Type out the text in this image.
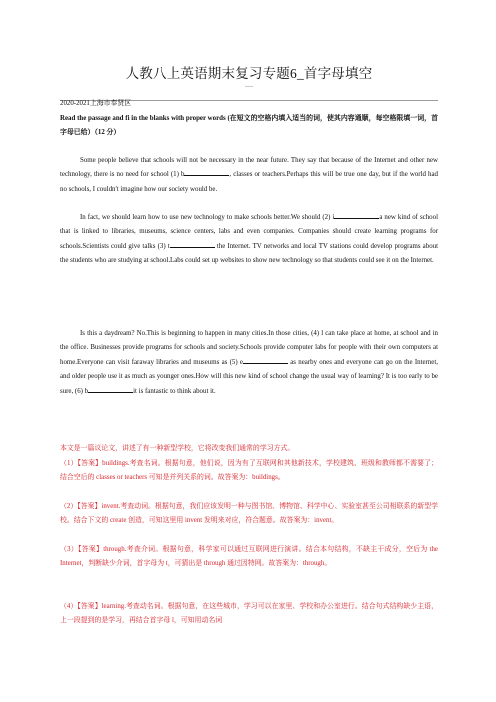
人教八上英语期末复习专题6_首字母填空
—

2020-2021上海市奉贤区

Read the passage and fi in the blanks with proper words (在短文的空格内填入适当的词，使其内容通顺，每空格限填一词，首字母已给）（12 分）

Some people believe that schools will not be necessary in the near future. They say that because of the Internet and other new technology, there is no need for school (1) b	, classes or teachers.Perhaps this will be true one day, but if the world had no schools, I couldn't imagine how our society would be.

In fact, we should learn how to use new technology to make schools better.We should (2) i	a new kind of school that is linked to libraries, museums, science centers, labs and even companies. Companies should create learning programs for schools.Scientists could give talks (3) t	the Internet. TV networks and local TV stations could develop programs about the students who are studying at school.Labs could set up websites to show new technology so that students could see it on the Internet.

Is this a daydream? No.This is beginning to happen in many cities.In those cities, (4) l can take place at home, at school and in the office. Businesses provide programs for schools and society.Schools provide computer labs for people with their own computers at home.Everyone can visit faraway libraries and museums as (5) e	as nearby ones and everyone can go on the Internet, and older people use it as much as younger ones.How will this new kind of school change the usual way of learning? It is too early to be sure, (6) b	it is fantastic to think about it.

本文是一篇议论文，讲述了有一种新型学校，它将改变我们通常的学习方式。

（1）【答案】buildings.考查名词。根据句意，他们说，因为有了互联网和其他新技术，学校建筑、班级和教师都不需要了；结合空后的 classes or teachers 可知是并列关系的词。故答案为：buildings。

（2）【答案】invent.考查动词。根据句意，我们应该发明一种与图书馆、博物馆、科学中心、实验室甚至公司相联系的新型学校。结合下文的 create 创造，可知这里用 invent 发明来对应，符合题意。故答案为：invent。

（3）【答案】through.考查介词。根据句意，科学家可以通过互联网进行演讲。结合本句结构，不缺主干成分，空后为 the Internet，判断缺少介词，首字母为 t，可猜出是 through 通过因特网。故答案为：through。

（4）【答案】learning.考查动名词。根据句意，在这些城市，学习可以在家里、学校和办公室进行。结合句式结构缺少主语，上一段提到的是学习，再结合首字母 l，可知用动名词
